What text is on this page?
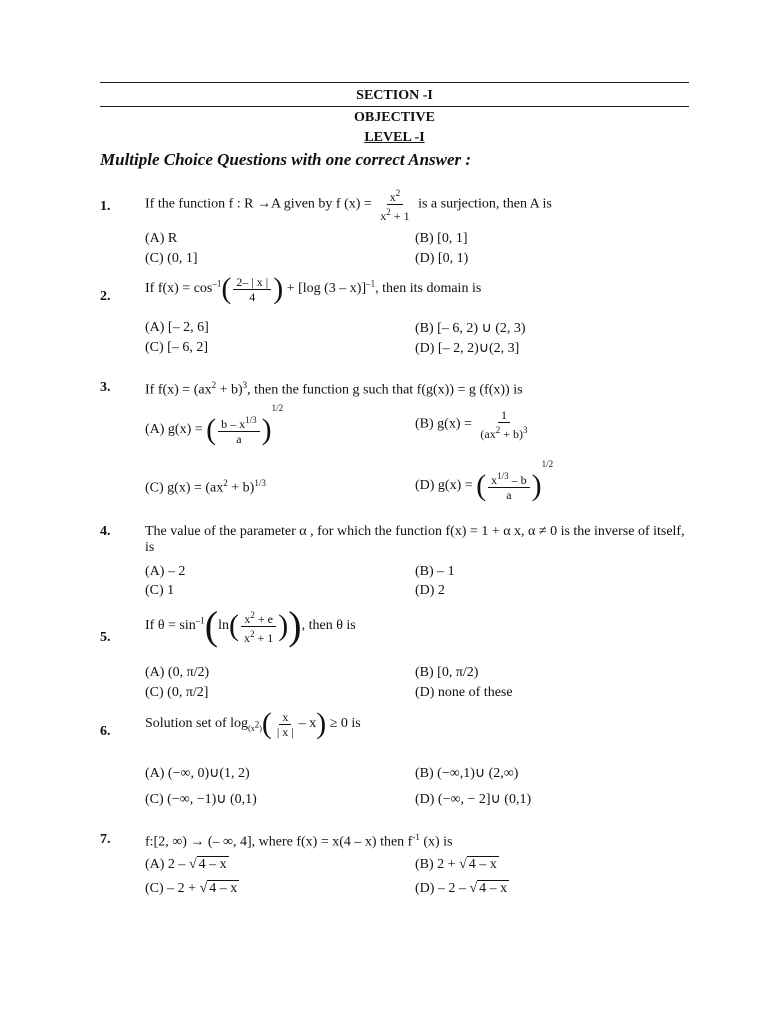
SECTION -I
OBJECTIVE
LEVEL -I
Multiple Choice Questions with one correct Answer :
1. If the function f : R →A given by f $(x) = \frac{x^2}{x^2 + 1}$ is a surjection, then A is
(A) R	(B) [0, 1]
(C) (0, 1]	(D) [0, 1)
2.
If $f(x) = \cos^{-1}( \frac{2- | x |}{4}$ ) + [log (3 – x)]$^{-1}$, then its domain is
(A) [– 2, 6]	(B) [– 6, 2) ∪ (2, 3)
(C) [– 6, 2]	(D) [– 2, 2)∪(2, 3]
3. If $f(x) = (ax^2 + b)^3$, then the function g such that f(g(x)) = g (f(x)) is
(A) g(x) = ( $\frac{b - x^{1/3}}{a} )^{1/2}$
(B) $g(x) = \frac{1}{(ax^2 + b)^3}$
(C) $g(x) = (ax^2 + b)^{1/3}$	(D) g(x) = ( $\frac{x^{1/3} - b}{a} )^{1/2}$
4. The value of the parameter α , for which the function f(x) = 1 + α x, α ≠ 0 is the inverse of itself, is
(A) – 2	(B) – 1
(C) 1	(D) 2
5.
If $\theta = \sin^{-1}(\ln( \frac{x^2 + e}{x^2 + 1}$ )), then θ is
(A) (0, π/2)	(B) [0, π/2)
(C) (0, π/2]	(D) none of these
6.
Solution set of $\log_{(x^2)}( \frac{x}{| x |} - x) \ge 0$ is
(A) (−∞, 0)∪(1, 2)	(B) (−∞,1)∪ (2,∞)
(C) (−∞, −1)∪ (0,1)	(D) (−∞, − 2]∪ (0,1)
7. f:[2, ∞) → (– ∞, 4], where f(x) = x(4 – x) then $f^{-1}$ (x) is
(A) 2 – √ 4 – x	(B) 2 + √ 4 – x
(C) – 2 + √ 4 – x	(D) – 2 – √ 4 – x
